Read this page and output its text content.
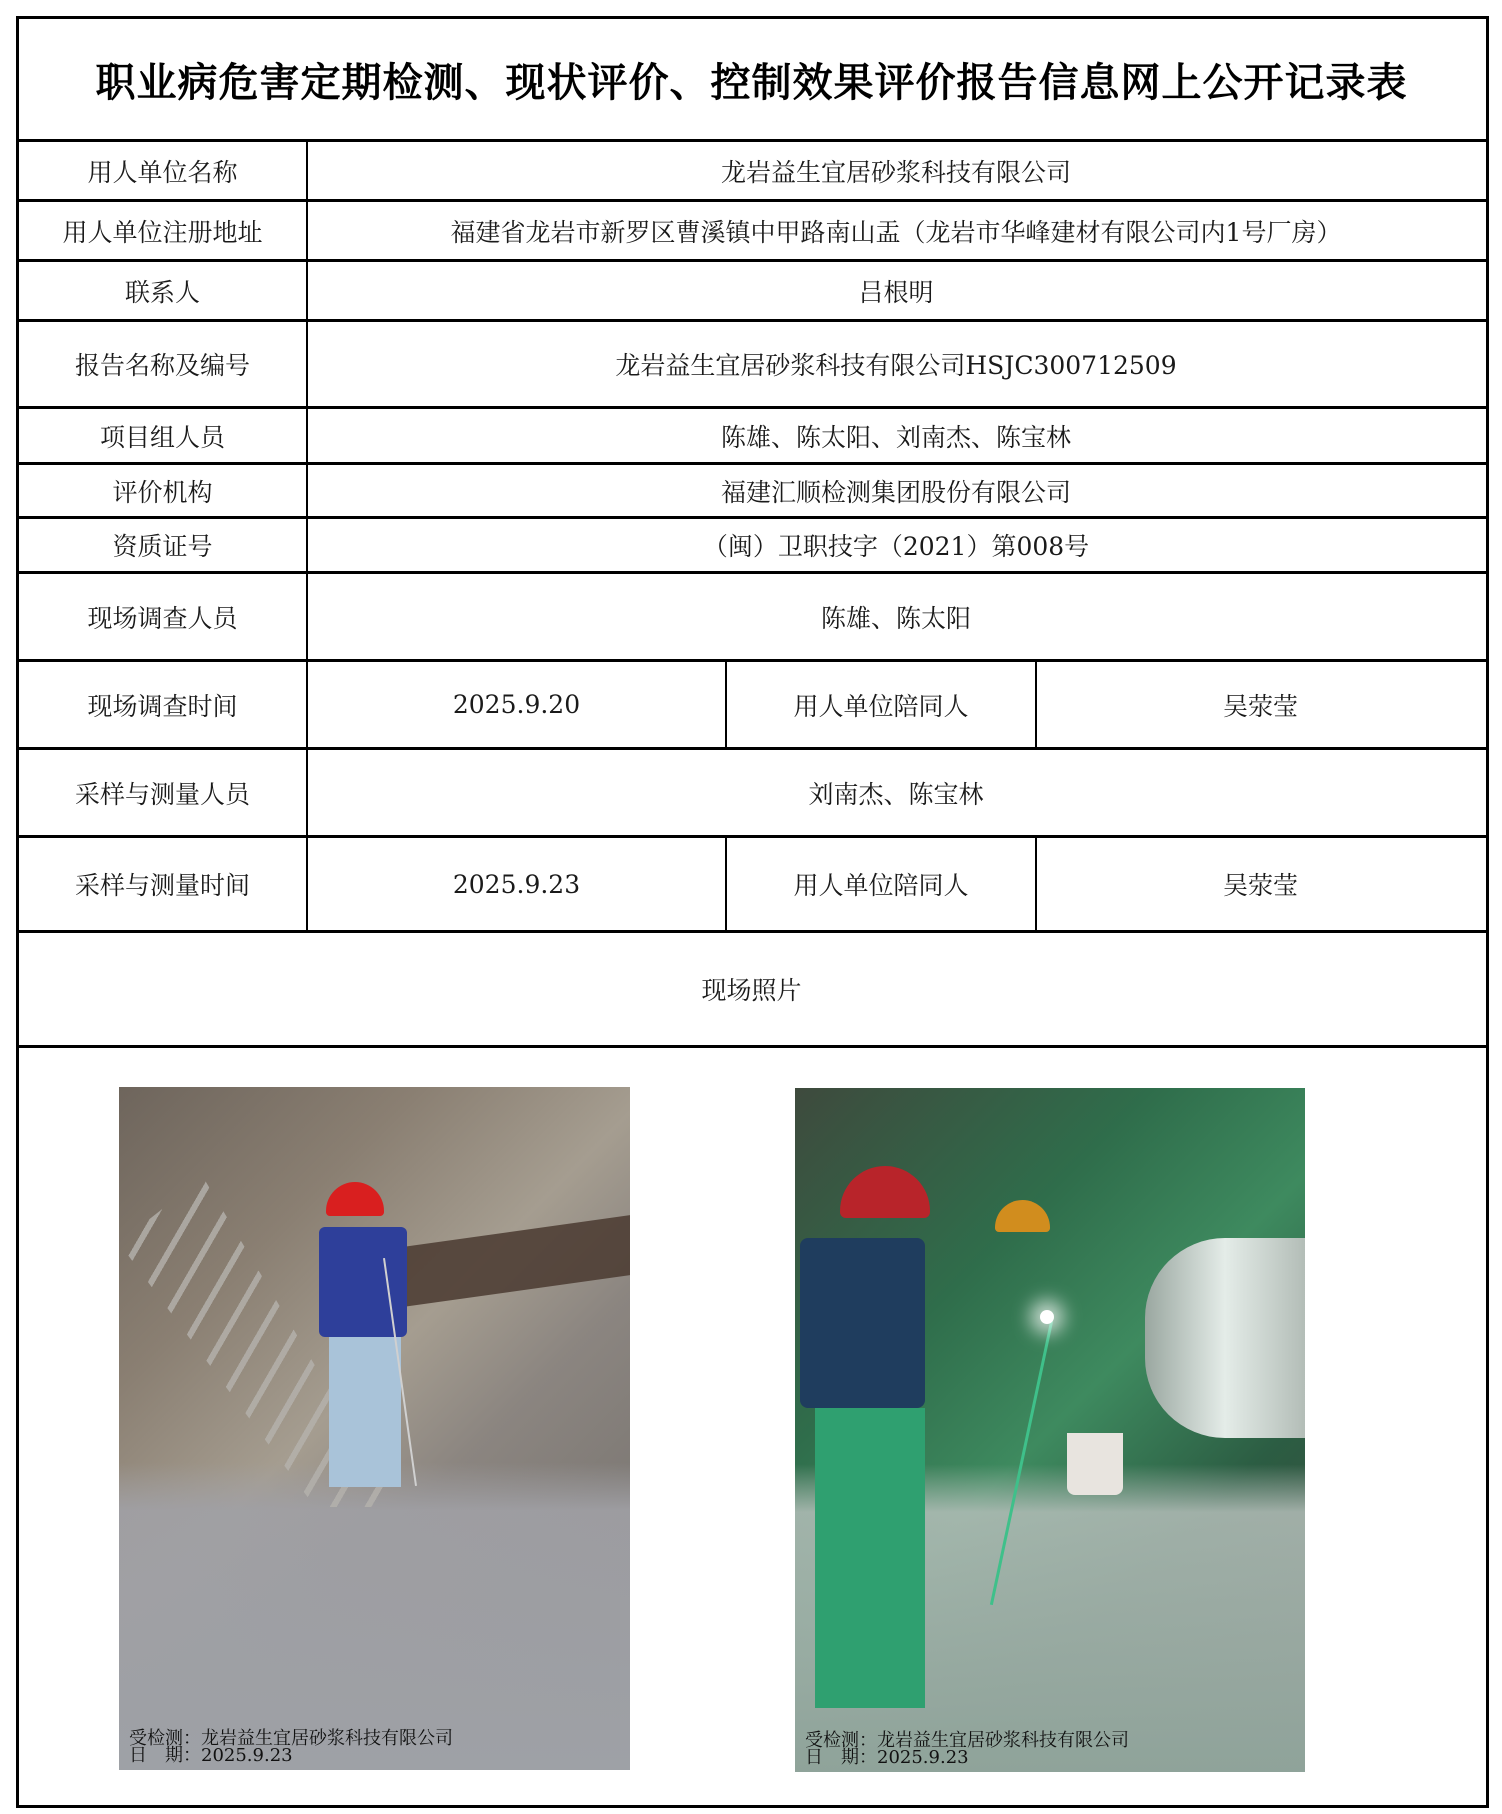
职业病危害定期检测、现状评价、控制效果评价报告信息网上公开记录表
用人单位名称	龙岩益生宜居砂浆科技有限公司
用人单位注册地址	福建省龙岩市新罗区曹溪镇中甲路南山盂（龙岩市华峰建材有限公司内1号厂房）
联系人	吕根明
报告名称及编号	龙岩益生宜居砂浆科技有限公司HSJC300712509
项目组人员	陈雄、陈太阳、刘南杰、陈宝林
评价机构	福建汇顺检测集团股份有限公司
资质证号	（闽）卫职技字（2021）第008号
现场调查人员	陈雄、陈太阳
现场调查时间	2025.9.20	用人单位陪同人	吴荥莹
采样与测量人员	刘南杰、陈宝林
采样与测量时间	2025.9.23	用人单位陪同人	吴荥莹
现场照片
受检测：龙岩益生宜居砂浆科技有限公司
日　期：2025.9.23
受检测：龙岩益生宜居砂浆科技有限公司
日　期：2025.9.23
